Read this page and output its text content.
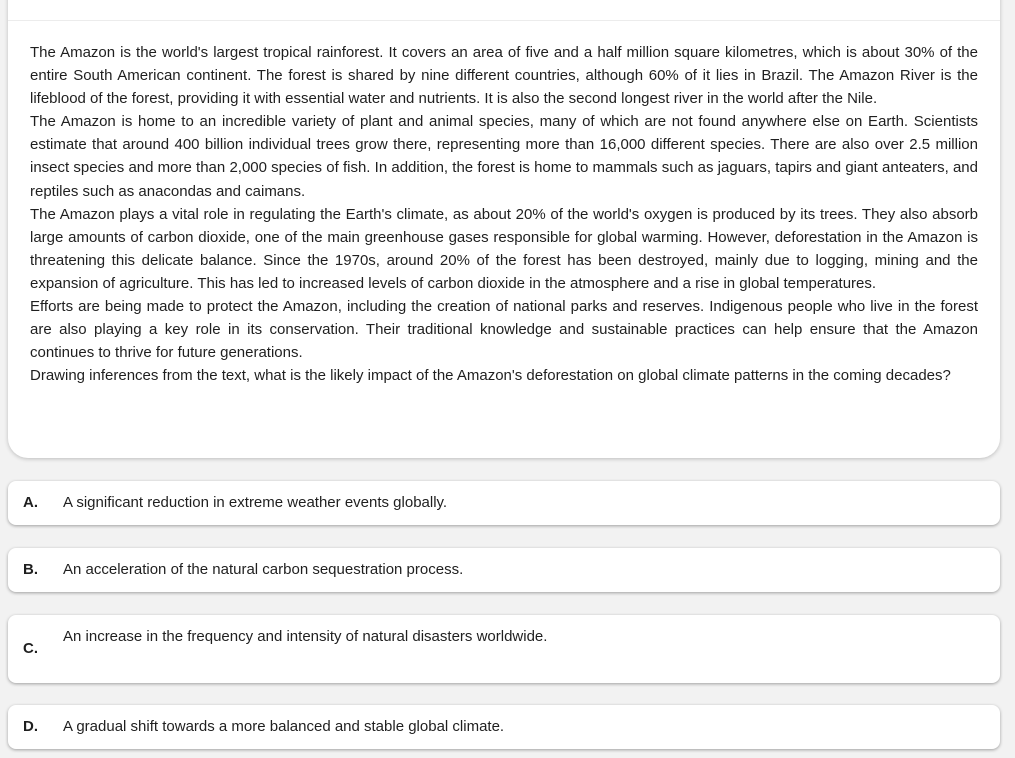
The Amazon is the world's largest tropical rainforest. It covers an area of five and a half million square kilometres, which is about 30% of the entire South American continent. The forest is shared by nine different countries, although 60% of it lies in Brazil. The Amazon River is the lifeblood of the forest, providing it with essential water and nutrients. It is also the second longest river in the world after the Nile.

The Amazon is home to an incredible variety of plant and animal species, many of which are not found anywhere else on Earth. Scientists estimate that around 400 billion individual trees grow there, representing more than 16,000 different species. There are also over 2.5 million insect species and more than 2,000 species of fish. In addition, the forest is home to mammals such as jaguars, tapirs and giant anteaters, and reptiles such as anacondas and caimans.

The Amazon plays a vital role in regulating the Earth's climate, as about 20% of the world's oxygen is produced by its trees. They also absorb large amounts of carbon dioxide, one of the main greenhouse gases responsible for global warming. However, deforestation in the Amazon is threatening this delicate balance. Since the 1970s, around 20% of the forest has been destroyed, mainly due to logging, mining and the expansion of agriculture. This has led to increased levels of carbon dioxide in the atmosphere and a rise in global temperatures.

Efforts are being made to protect the Amazon, including the creation of national parks and reserves. Indigenous people who live in the forest are also playing a key role in its conservation. Their traditional knowledge and sustainable practices can help ensure that the Amazon continues to thrive for future generations.

Drawing inferences from the text, what is the likely impact of the Amazon's deforestation on global climate patterns in the coming decades?

A. A significant reduction in extreme weather events globally.
B. An acceleration of the natural carbon sequestration process.
C.
An increase in the frequency and intensity of natural disasters worldwide.
D. A gradual shift towards a more balanced and stable global climate.
